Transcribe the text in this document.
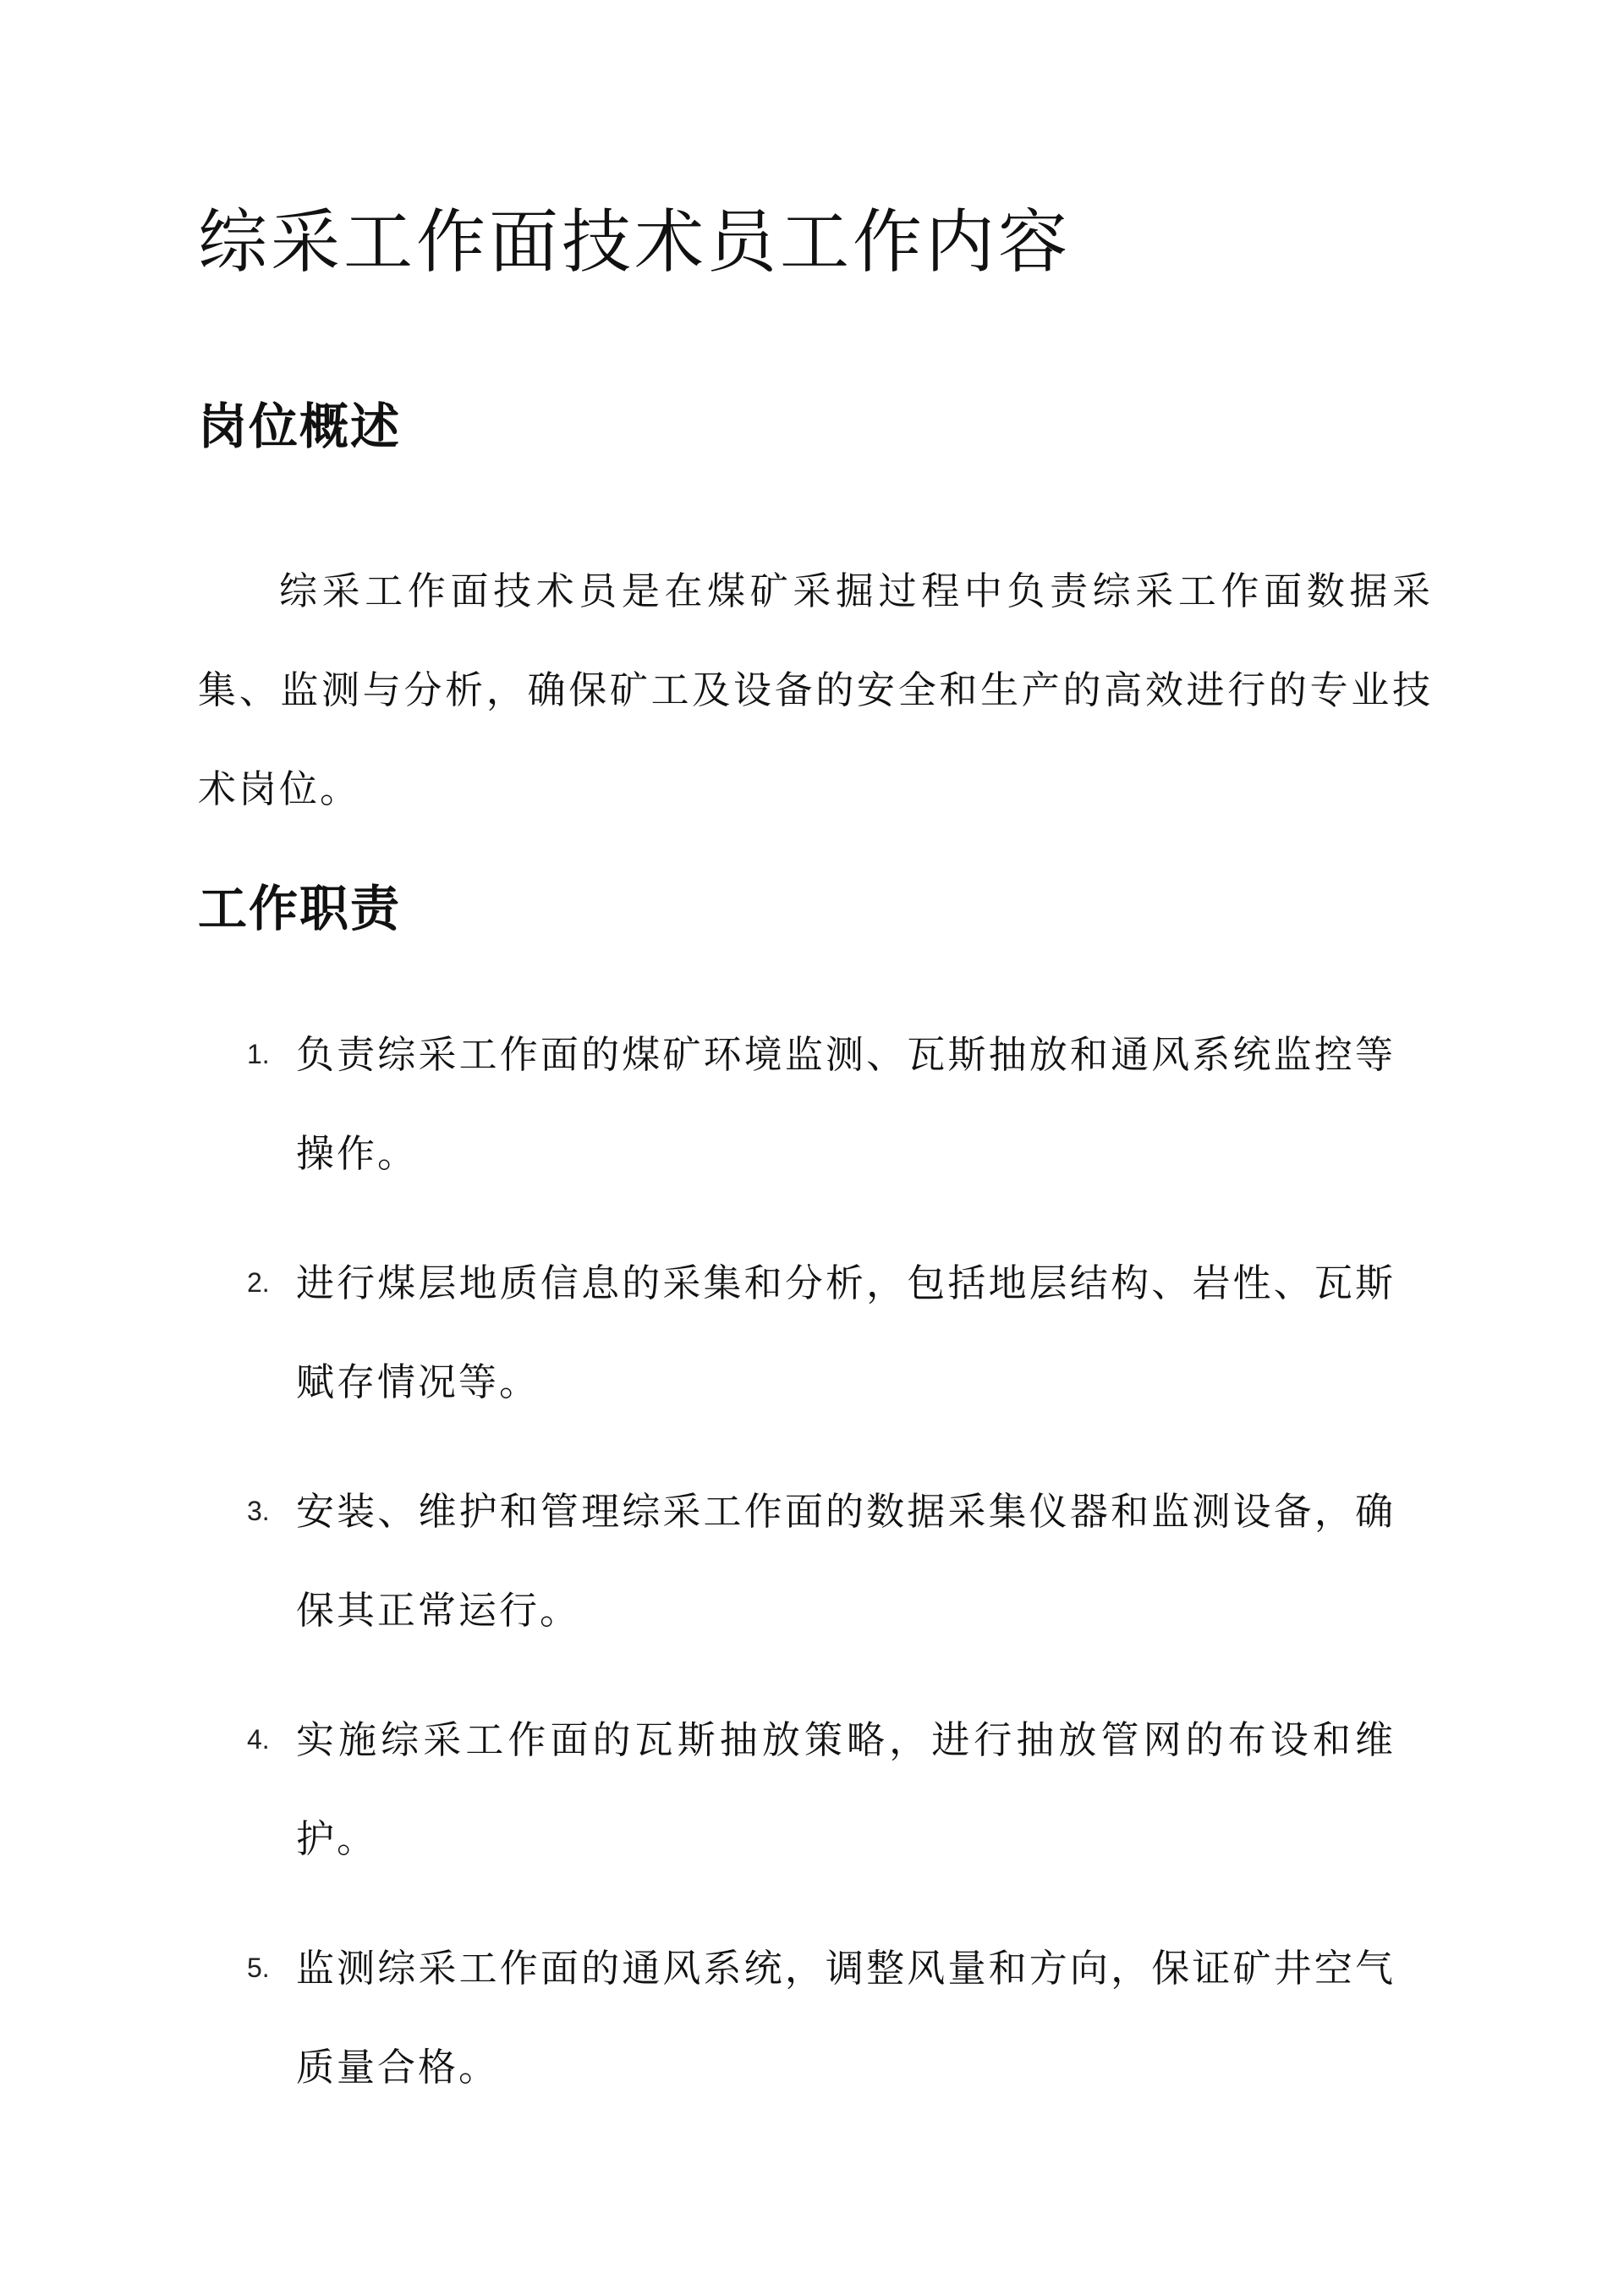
综采工作面技术员工作内容
岗位概述

综采工作面技术员是在煤矿采掘过程中负责综采工作面数据采集、监测与分析，确保矿工及设备的安全和生产的高效进行的专业技术岗位。

工作职责
1. 负责综采工作面的煤矿环境监测、瓦斯抽放和通风系统监控等操作。

2. 进行煤层地质信息的采集和分析，包括地层结构、岩性、瓦斯赋存情况等。

3. 安装、维护和管理综采工作面的数据采集仪器和监测设备，确保其正常运行。

4. 实施综采工作面的瓦斯抽放策略，进行抽放管网的布设和维护。

5. 监测综采工作面的通风系统，调整风量和方向，保证矿井空气质量合格。
